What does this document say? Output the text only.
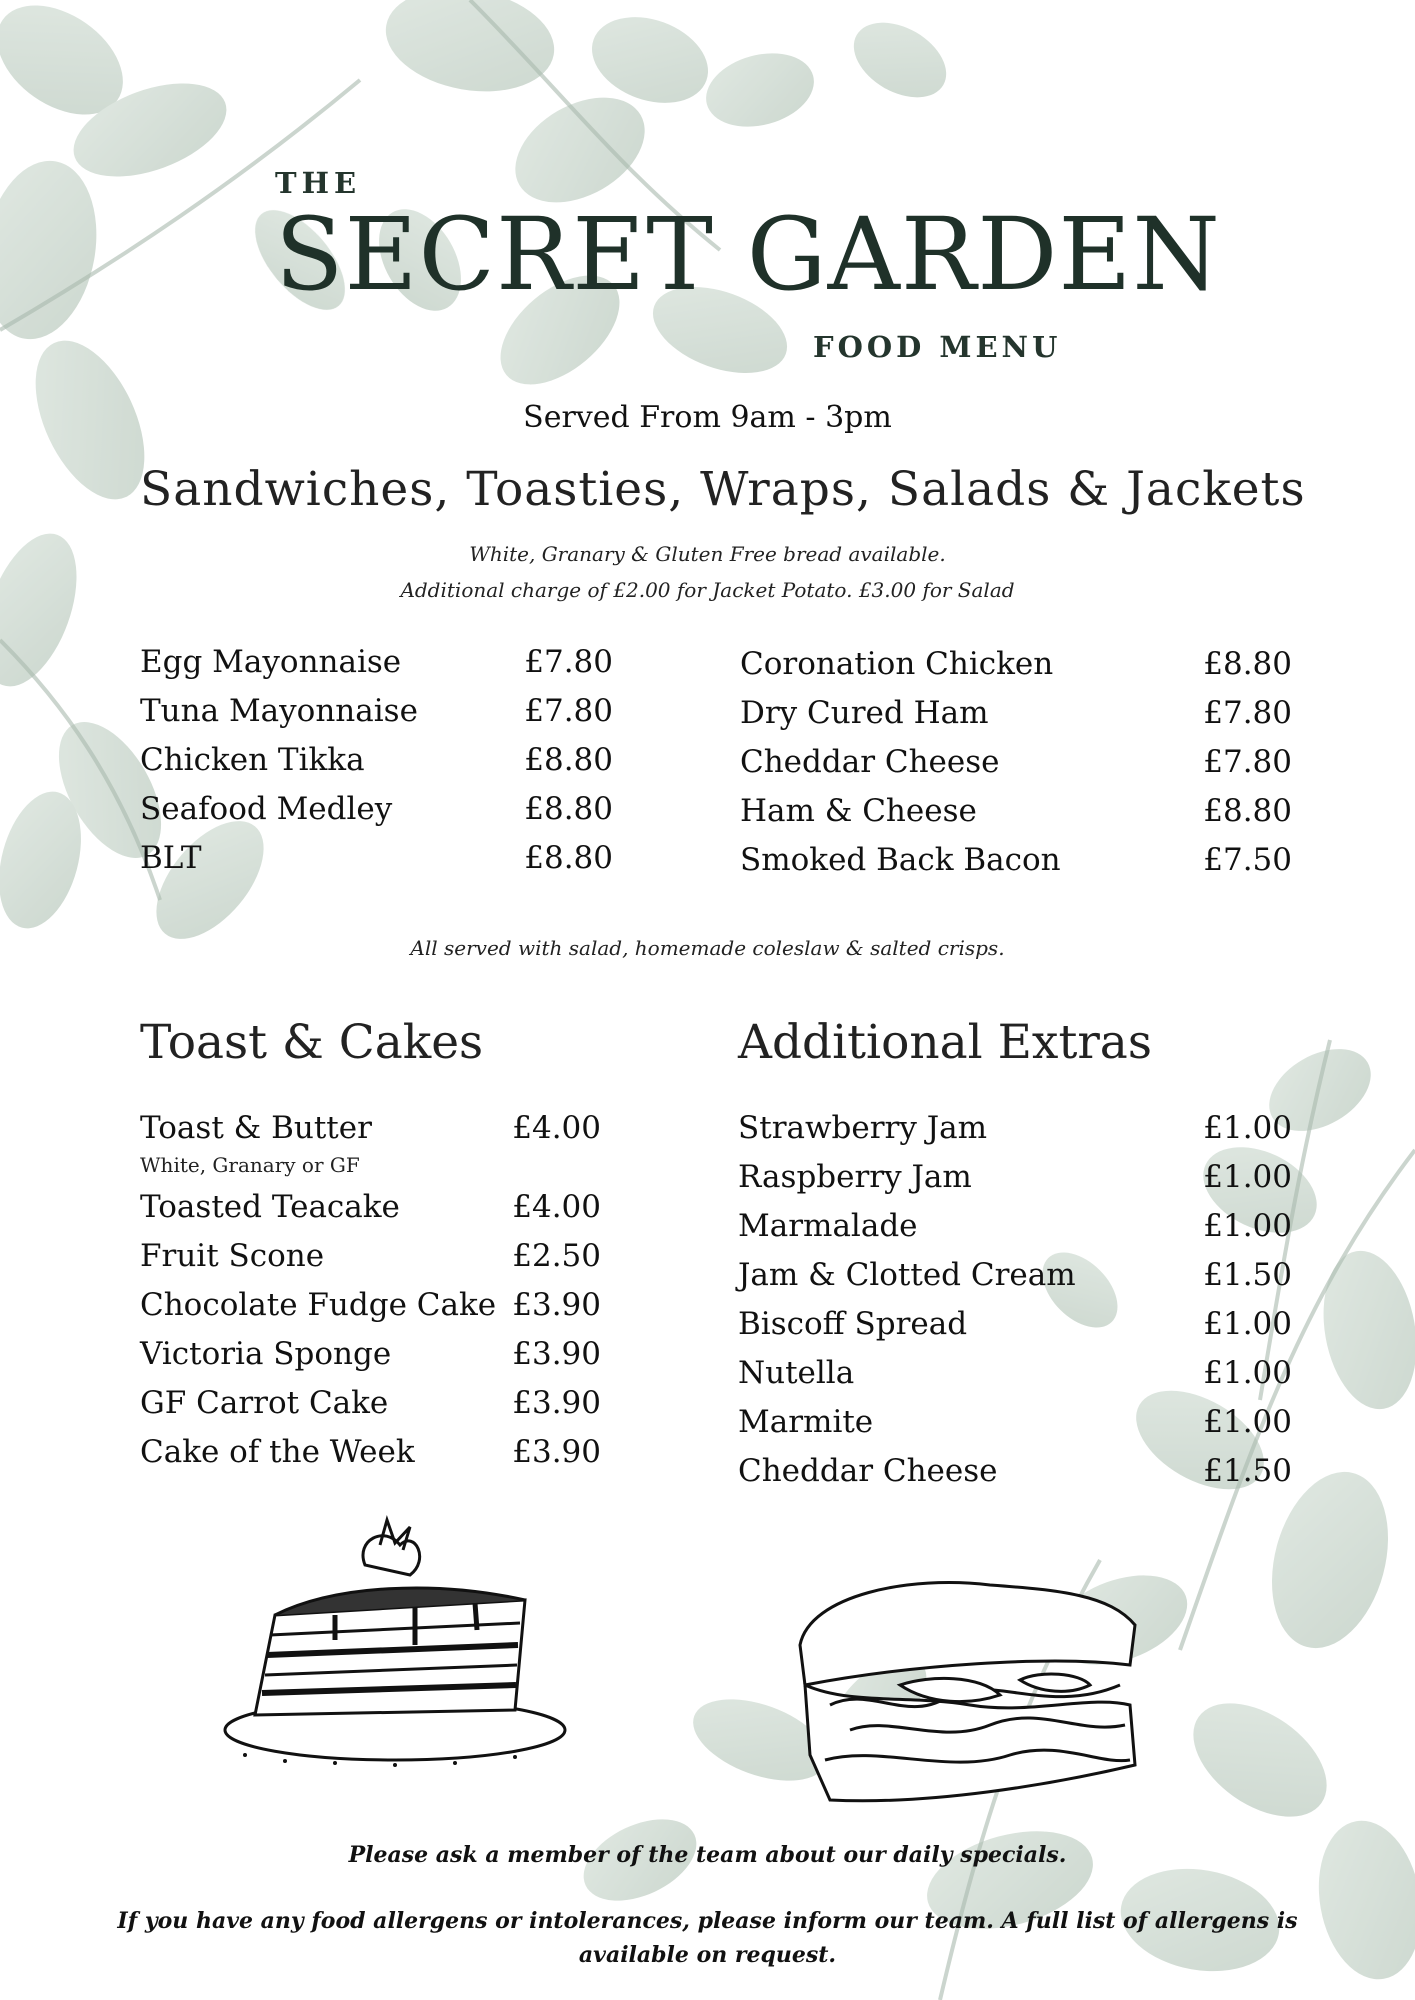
THE
SECRET GARDEN
FOOD MENU
Served From 9am - 3pm
Sandwiches, Toasties, Wraps, Salads & Jackets
White, Granary & Gluten Free bread available.
Additional charge of £2.00 for Jacket Potato. £3.00 for Salad
Egg Mayonnaise	£7.80
Tuna Mayonnaise	£7.80
Chicken Tikka	£8.80
Seafood Medley	£8.80
BLT	£8.80
Coronation Chicken	£8.80
Dry Cured Ham	£7.80
Cheddar Cheese	£7.80
Ham & Cheese	£8.80
Smoked Back Bacon	£7.50
All served with salad, homemade coleslaw & salted crisps.
Toast & Cakes	Additional Extras
Toast & Butter	£4.00
White, Granary or GF
Toasted Teacake	£4.00
Fruit Scone	£2.50
Chocolate Fudge Cake £3.90
Victoria Sponge	£3.90
GF Carrot Cake	£3.90
Cake of the Week	£3.90
Strawberry Jam	£1.00
Raspberry Jam	£1.00
Marmalade	£1.00
Jam & Clotted Cream	£1.50
Biscoff Spread	£1.00
Nutella	£1.00
Marmite	£1.00
Cheddar Cheese	£1.50
Please ask a member of the team about our daily specials.
If you have any food allergens or intolerances, please inform our team. A full list of allergens is available on request.
